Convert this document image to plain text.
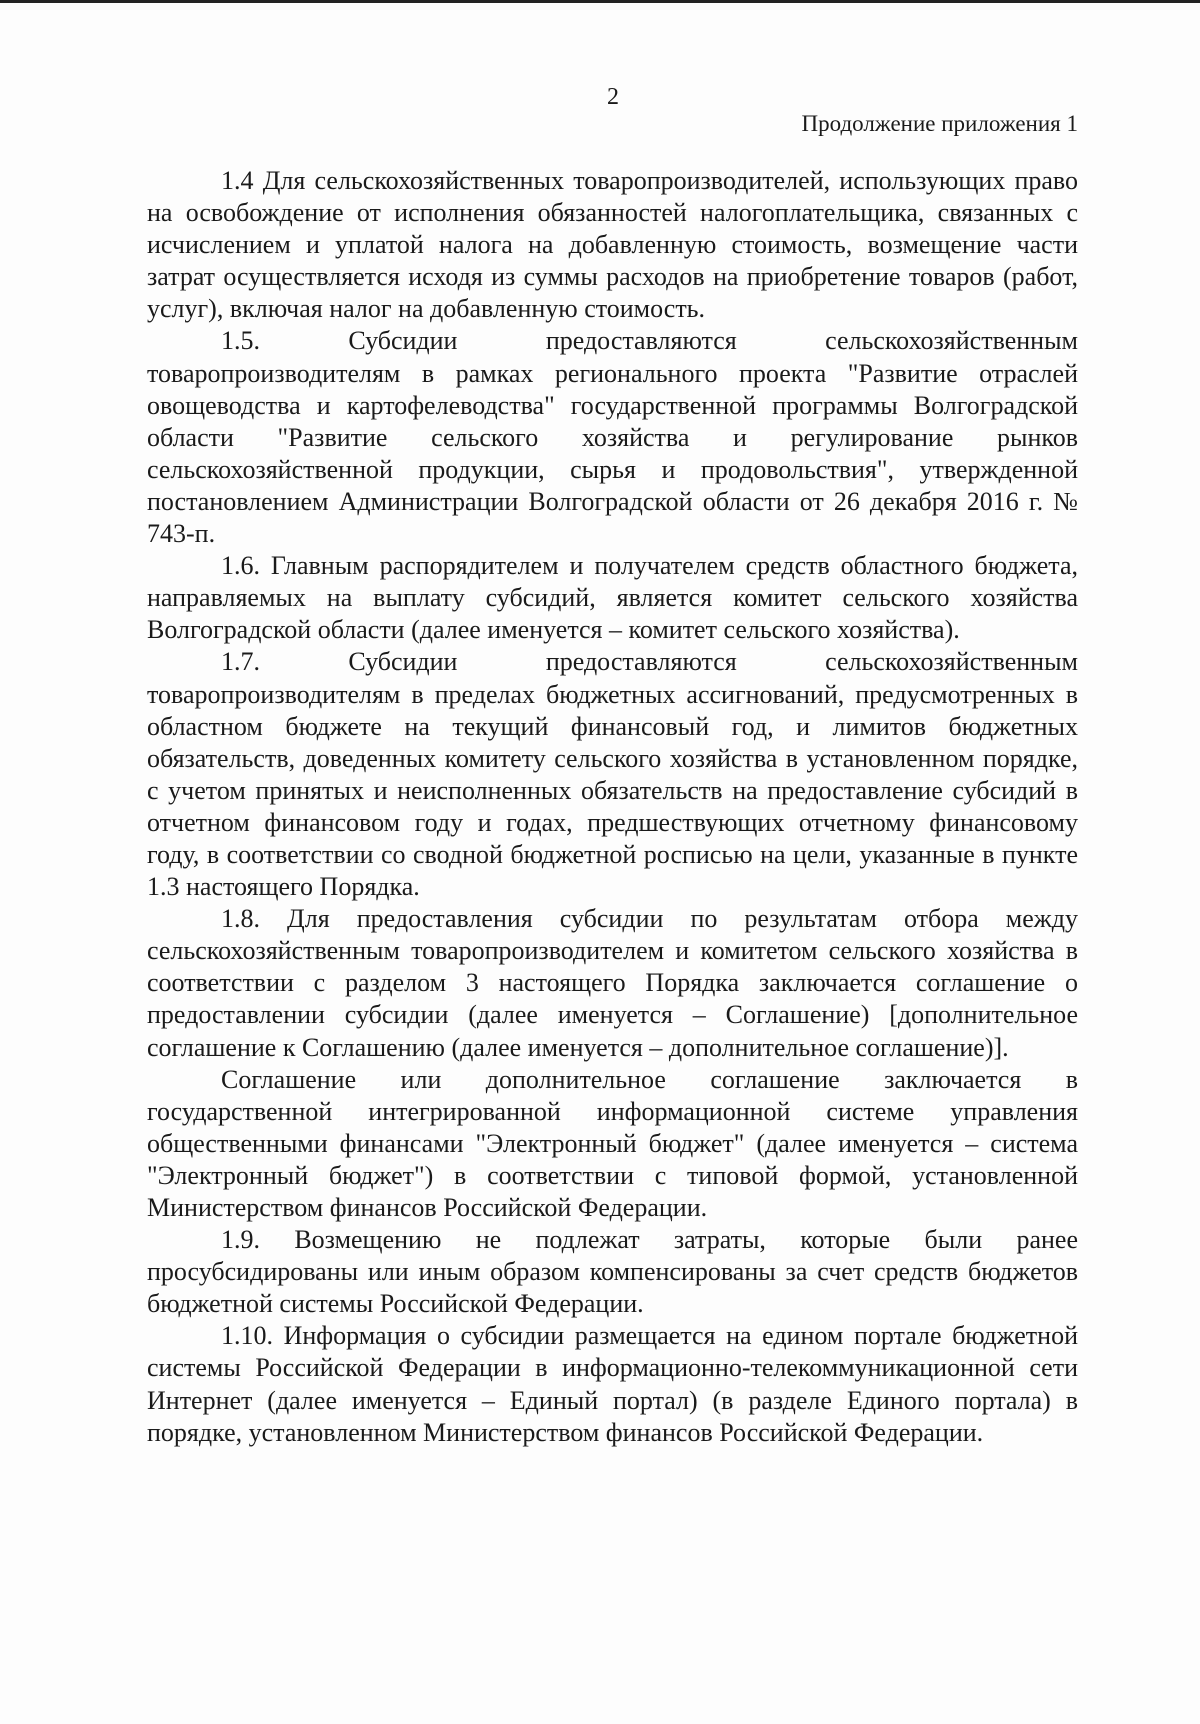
2
Продолжение приложения 1

1.4 Для сельскохозяйственных товаропроизводителей, использующих право на освобождение от исполнения обязанностей налогоплательщика, связанных с исчислением и уплатой налога на добавленную стоимость, возмещение части затрат осуществляется исходя из суммы расходов на приобретение товаров (работ, услуг), включая налог на добавленную стоимость.

1.5. Субсидии предоставляются сельскохозяйственным товаропроизводителям в рамках регионального проекта "Развитие отраслей овощеводства и картофелеводства" государственной программы Волгоградской области "Развитие сельского хозяйства и регулирование рынков сельскохозяйственной продукции, сырья и продовольствия", утвержденной постановлением Администрации Волгоградской области от 26 декабря 2016 г. № 743-п.

1.6. Главным распорядителем и получателем средств областного бюджета, направляемых на выплату субсидий, является комитет сельского хозяйства Волгоградской области (далее именуется – комитет сельского хозяйства).

1.7. Субсидии предоставляются сельскохозяйственным товаропроизводителям в пределах бюджетных ассигнований, предусмотренных в областном бюджете на текущий финансовый год, и лимитов бюджетных обязательств, доведенных комитету сельского хозяйства в установленном порядке, с учетом принятых и неисполненных обязательств на предоставление субсидий в отчетном финансовом году и годах, предшествующих отчетному финансовому году, в соответствии со сводной бюджетной росписью на цели, указанные в пункте 1.3 настоящего Порядка.

1.8. Для предоставления субсидии по результатам отбора между сельскохозяйственным товаропроизводителем и комитетом сельского хозяйства в соответствии с разделом 3 настоящего Порядка заключается соглашение о предоставлении субсидии (далее именуется – Соглашение) [дополнительное соглашение к Соглашению (далее именуется – дополнительное соглашение)].

Соглашение или дополнительное соглашение заключается в государственной интегрированной информационной системе управления общественными финансами "Электронный бюджет" (далее именуется – система "Электронный бюджет") в соответствии с типовой формой, установленной Министерством финансов Российской Федерации.

1.9. Возмещению не подлежат затраты, которые были ранее просубсидированы или иным образом компенсированы за счет средств бюджетов бюджетной системы Российской Федерации.

1.10. Информация о субсидии размещается на едином портале бюджетной системы Российской Федерации в информационно-телекоммуникационной сети Интернет (далее именуется – Единый портал) (в разделе Единого портала) в порядке, установленном Министерством финансов Российской Федерации.
